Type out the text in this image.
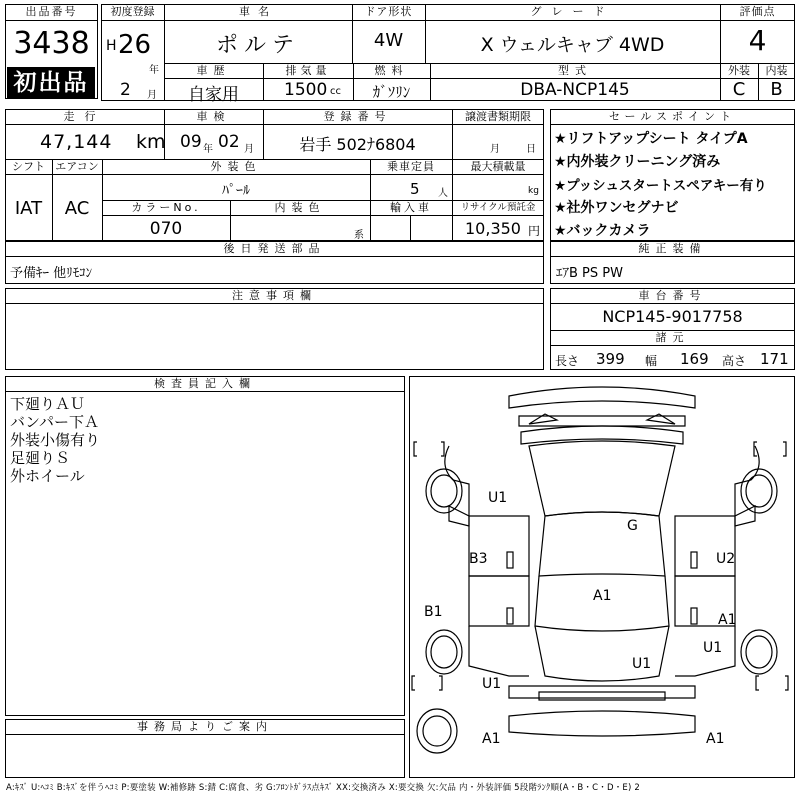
出品番号
3438
初出品
初度登録
H 26
年
2 月
車名
ポルテ
ドア形状
4W
グレード
X ウェルキャブ 4WD
評価点
4
車歴
自家用
排気量
1500 cc
燃料
ｶﾞｿﾘﾝ
型式
DBA-NCP145
外装
C
内装
B
走行
47,144 km
車検
09 年 02 月
登録番号
岩手 502ﾅ6804
譲渡書類期限
月	日
シフト
IAT
エアコン
AC
外装色
ﾊﾟｰﾙ
乗車定員
5 人
最大積載量
kg
カラーNo.
070
内装色
系
輸入車	リサイクル預託金
10,350 円
セールスポイント
★リフトアップシート タイプA
★内外装クリーニング済み
★プッシュスタートスペアキー有り
★社外ワンセグナビ
★バックカメラ
後日発送部品
予備ｷｰ 他ﾘﾓｺﾝ
純正装備
ｴｱB PS PW
注意事項欄	車台番号
NCP145-9017758
諸元
長さ 399 幅 169 高さ 171
検査員記入欄
下廻りＡＵ
バンパー下Ａ
外装小傷有り
足廻りＳ
外ホイール
事務局よりご案内
U1
G
B3	U2
A1
B1	A1
U1
U1
U1
A1	A1
A:ｷｽﾞ U:ﾍｺﾐ B:ｷｽﾞを伴うﾍｺﾐ P:要塗装 W:補修跡 S:錆 C:腐食、劣 G:ﾌﾛﾝﾄｶﾞﾗｽ点ｷｽﾞ XX:交換済み X:要交換 欠:欠品 内・外装評価 5段階ﾗﾝｸ順(A・B・C・D・E) 2
